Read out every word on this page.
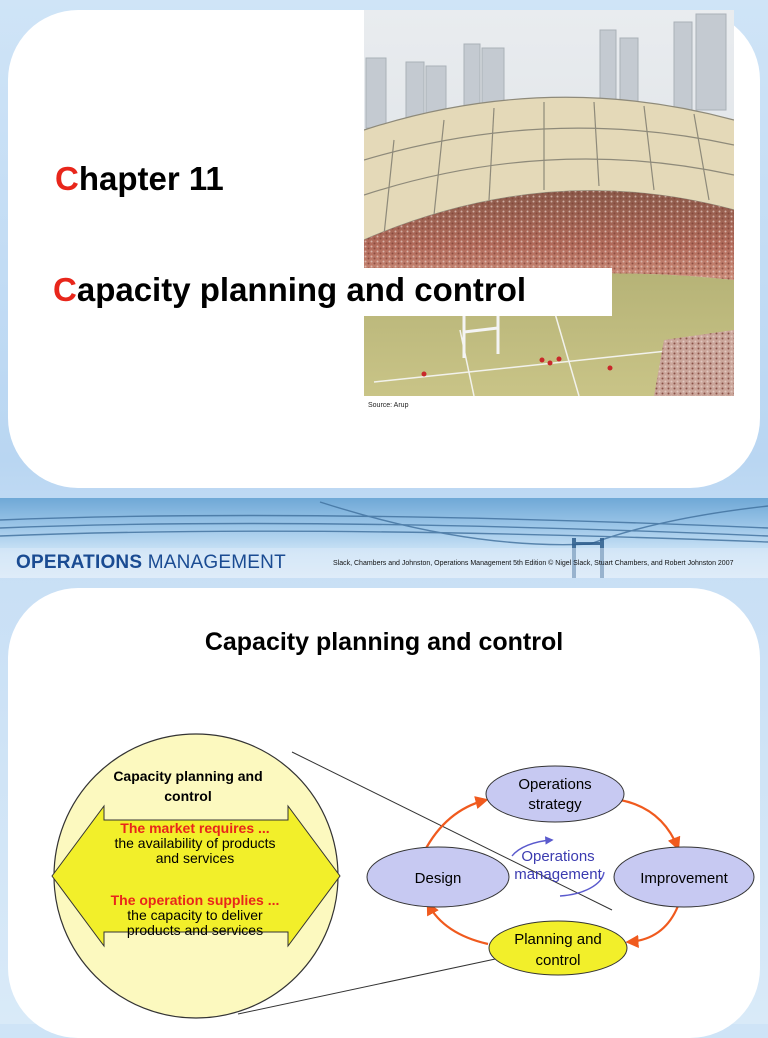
Chapter 11
Capacity planning and control
Source: Arup
OPERATIONS MANAGEMENT	Slack, Chambers and Johnston, Operations Management 5th Edition © Nigel Slack, Stuart Chambers, and Robert Johnston 2007
Capacity planning and control
Capacity planning and
control
The market requires ...
the availability of products
and services
The operation supplies ...
the capacity to deliver
products and services
Operations
strategy
Design	Improvement
Planning and
control
Operations
management
